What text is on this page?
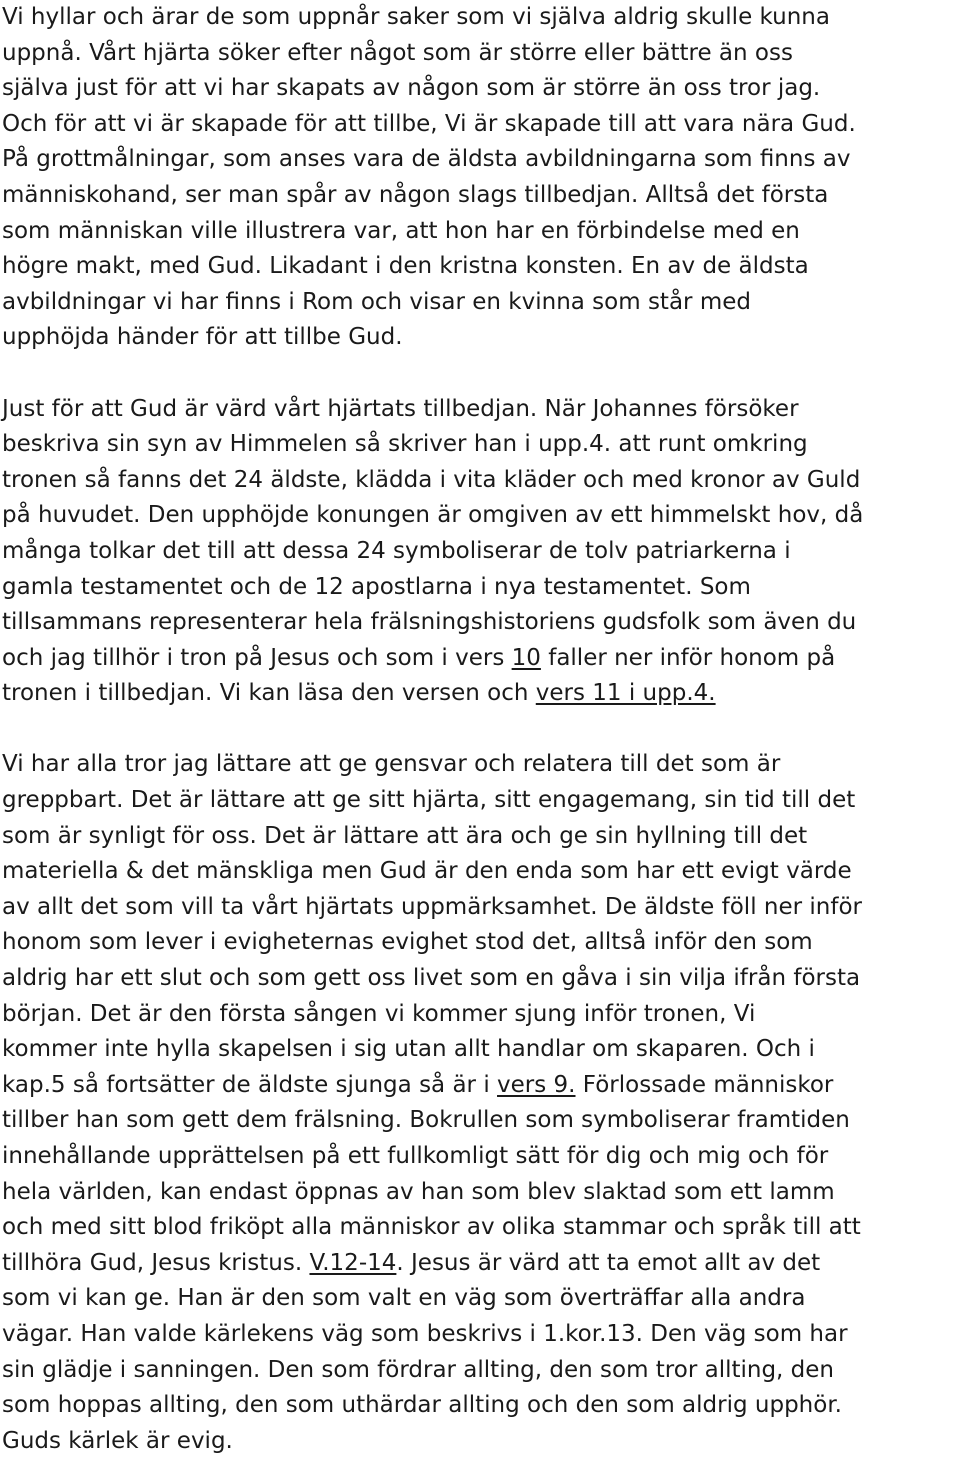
Vi hyllar och ärar de som uppnår saker som vi själva aldrig skulle kunna
uppnå. Vårt hjärta söker efter något som är större eller bättre än oss
själva just för att vi har skapats av någon som är större än oss tror jag.
Och för att vi är skapade för att tillbe, Vi är skapade till att vara nära Gud.
På grottmålningar, som anses vara de äldsta avbildningarna som finns av
människohand, ser man spår av någon slags tillbedjan. Alltså det första
som människan ville illustrera var, att hon har en förbindelse med en
högre makt, med Gud. Likadant i den kristna konsten. En av de äldsta
avbildningar vi har finns i Rom och visar en kvinna som står med
upphöjda händer för att tillbe Gud.
Just för att Gud är värd vårt hjärtats tillbedjan. När Johannes försöker
beskriva sin syn av Himmelen så skriver han i upp.4. att runt omkring
tronen så fanns det 24 äldste, klädda i vita kläder och med kronor av Guld
på huvudet. Den upphöjde konungen är omgiven av ett himmelskt hov, då
många tolkar det till att dessa 24 symboliserar de tolv patriarkerna i
gamla testamentet och de 12 apostlarna i nya testamentet. Som
tillsammans representerar hela frälsningshistoriens gudsfolk som även du
och jag tillhör i tron på Jesus och som i vers 10 faller ner inför honom på
tronen i tillbedjan. Vi kan läsa den versen och vers 11 i upp.4.
Vi har alla tror jag lättare att ge gensvar och relatera till det som är
greppbart. Det är lättare att ge sitt hjärta, sitt engagemang, sin tid till det
som är synligt för oss. Det är lättare att ära och ge sin hyllning till det
materiella & det mänskliga men Gud är den enda som har ett evigt värde
av allt det som vill ta vårt hjärtats uppmärksamhet. De äldste föll ner inför
honom som lever i evigheternas evighet stod det, alltså inför den som
aldrig har ett slut och som gett oss livet som en gåva i sin vilja ifrån första
början. Det är den första sången vi kommer sjung inför tronen, Vi
kommer inte hylla skapelsen i sig utan allt handlar om skaparen. Och i
kap.5 så fortsätter de äldste sjunga så är i vers 9. Förlossade människor
tillber han som gett dem frälsning. Bokrullen som symboliserar framtiden
innehållande upprättelsen på ett fullkomligt sätt för dig och mig och för
hela världen, kan endast öppnas av han som blev slaktad som ett lamm
och med sitt blod friköpt alla människor av olika stammar och språk till att
tillhöra Gud, Jesus kristus. V.12-14. Jesus är värd att ta emot allt av det
som vi kan ge. Han är den som valt en väg som överträffar alla andra
vägar. Han valde kärlekens väg som beskrivs i 1.kor.13. Den väg som har
sin glädje i sanningen. Den som fördrar allting, den som tror allting, den
som hoppas allting, den som uthärdar allting och den som aldrig upphör.
Guds kärlek är evig.
